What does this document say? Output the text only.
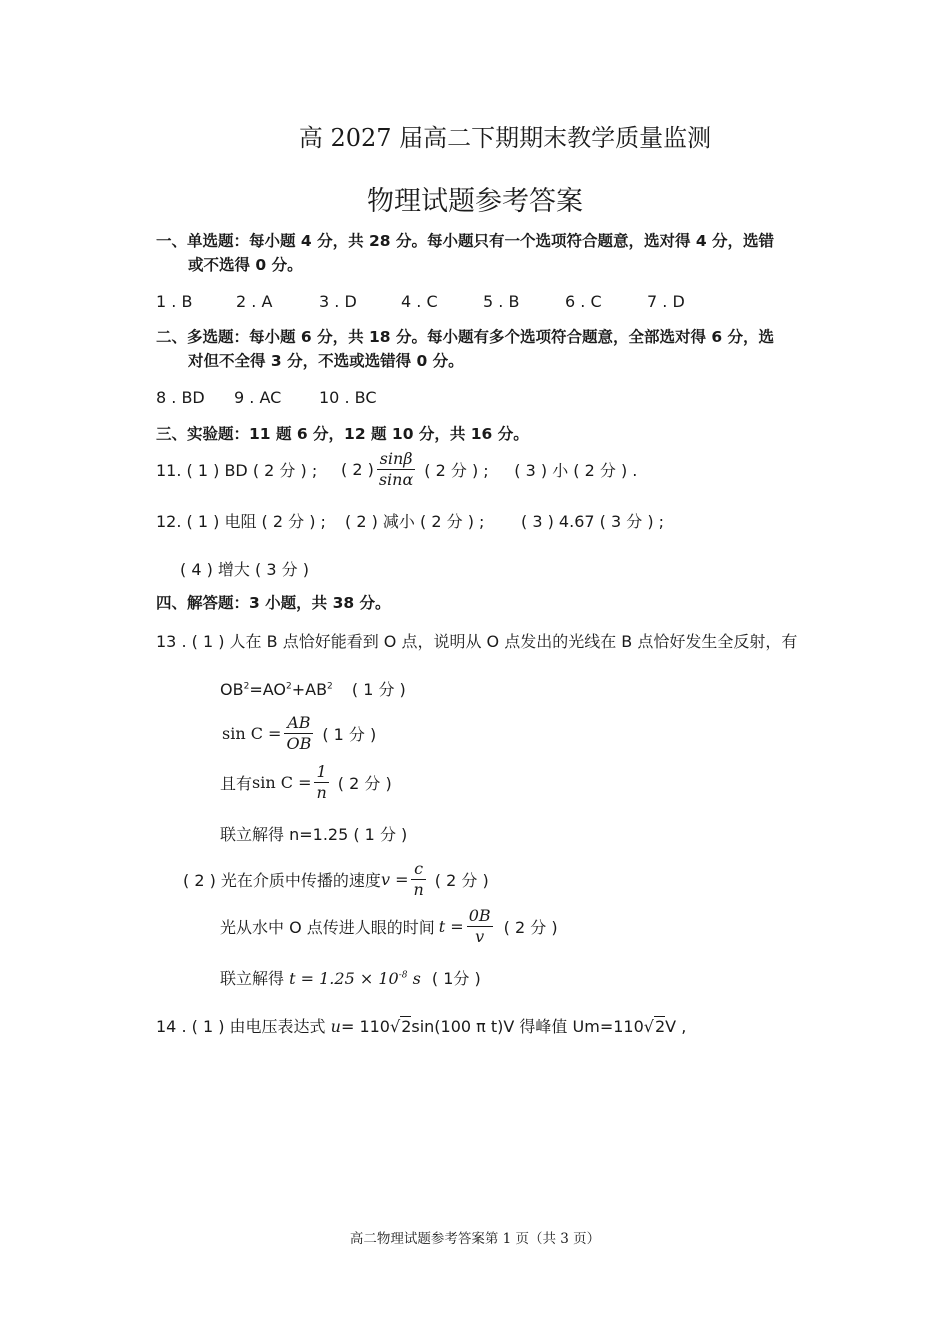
高 2027 届高二下期期末教学质量监测
物理试题参考答案
一、单选题：每小题 4 分，共 28 分。每小题只有一个选项符合题意，选对得 4 分，选错
或不选得 0 分。
1 . B	2 . A	3 . D	4 . C	5 . B	6 . C	7 . D
二、多选题：每小题 6 分，共 18 分。每小题有多个选项符合题意，全部选对得 6 分，选
对但不全得 3 分，不选或选错得 0 分。
8 . BD 9 . AC 10 . BC
三、实验题：11 题 6 分，12 题 10 分，共 16 分。
11. ( 1 ) BD ( 2 分 ) ;	( 2 ) $\frac{\sin\beta}{\sin\alpha}$ ( 2 分 ) ;	( 3 ) 小 ( 2 分 ) .
12. ( 1 ) 电阻 ( 2 分 ) ; ( 2 ) 减小 ( 2 分 ) ; ( 3 ) 4.67 ( 3 分 ) ;
( 4 ) 增大 ( 3 分 )
四、解答题：3 小题，共 38 分。
13 . ( 1 ) 人在 B 点恰好能看到 O 点，说明从 O 点发出的光线在 B 点恰好发生全反射，有
$OB^2=AO^2+AB^2$ ( 1 分 )
$\sin C = \frac{AB}{OB}$ ( 1 分 )
且有 $\sin C = \frac{1}{n}$ ( 2 分 )
联立解得 n=1.25 ( 1 分 )
( 2 ) 光在介质中传播的速度 $v = \frac{c}{n}$ ( 2 分 )
光从水中 O 点传进人眼的时间 $t = \frac{0B}{v}$ ( 2 分 )
联立解得 $t = 1.25 \times 10^{-8}$ s ( 1分 )
14 . ( 1 ) 由电压表达式 u= 110√2sin(100 π t)V 得峰值 Um=110√2V ,
高二物理试题参考答案第 1 页（共 3 页）
